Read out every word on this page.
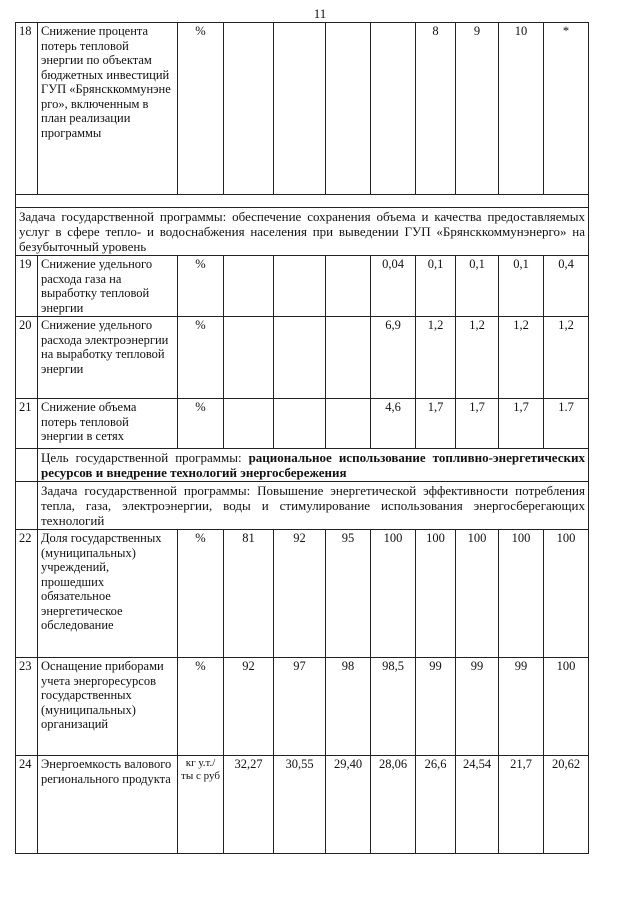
11
18	Снижение процента потерь тепловой энергии по объектам бюджетных инвестиций ГУП «Брянсккоммунэне рго», включенным в план реализации программы	%					8	9	10	*

Задача государственной программы: обеспечение сохранения объема и качества предоставляемых услуг в сфере тепло- и водоснабжения населения при выведении ГУП «Брянсккоммунэнерго» на безубыточный уровень										
19	Снижение удельного расхода газа на выработку тепловой энергии	%				0,04	0,1	0,1	0,1	0,4
20	Снижение удельного расхода электроэнергии на выработку тепловой энергии	%				6,9	1,2	1,2	1,2	1,2
21	Снижение объема потерь тепловой энергии в сетях	%				4,6	1,7	1,7	1,7	1.7
	Цель государственной программы: рациональное использование топливно-энергетических ресурсов и внедрение технологий энергосбережения									
	Задача государственной программы: Повышение энергетической эффективности потребления тепла, газа, электроэнергии, воды и стимулирование использования энергосберегающих технологий									
22	Доля государственных (муниципальных) учреждений, прошедших обязательное энергетическое обследование	%	81	92	95	100	100	100	100	100
23	Оснащение приборами учета энергоресурсов государственных (муниципальных) организаций	%	92	97	98	98,5	99	99	99	100
24	Энергоемкость валового регионального продукта	кг у.т./ты с руб	32,27	30,55	29,40	28,06	26,6	24,54	21,7	20,62
